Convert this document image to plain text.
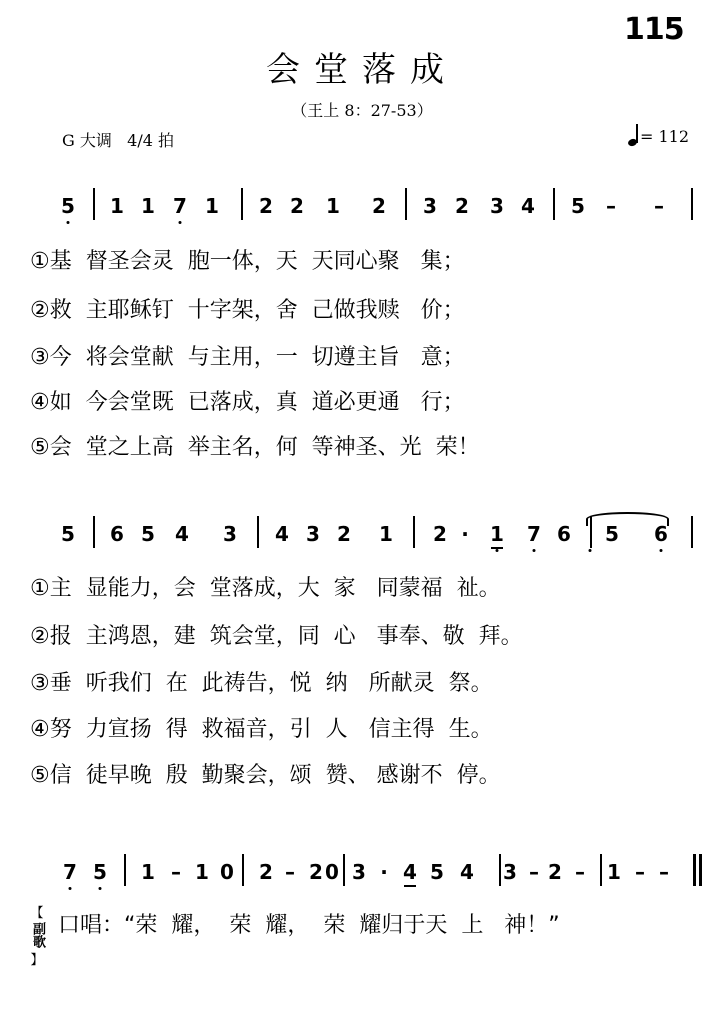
115
会堂落成
（王上 8：27-53）
G 大调 4/4 拍	= 112
5 1 1 7 1 2 2 1 2 3 2 3 4 5 – –
①基  督圣会灵  胞一体，天  天同心聚   集；
②救  主耶稣钉  十字架，舍  己做我赎   价；
③今  将会堂献  与主用，一  切遵主旨   意；
④如  今会堂既  已落成，真  道必更通   行；
⑤会  堂之上高  举主名，何  等神圣、光  荣！
5 6 5 4 3 4 3 2 1 2 · 1 7 6 5 6
①主  显能力，会  堂落成，大  家   同蒙福  祉。
②报  主鸿恩，建  筑会堂，同  心   事奉、敬  拜。
③垂  听我们  在  此祷告，悦  纳   所献灵  祭。
④努  力宣扬  得  救福音，引  人   信主得  生。
⑤信  徒早晚  殷  勤聚会，颂  赞、 感谢不  停。
7 5 1 – 1 0 2 – 2 0 3 · 4 5 4 3 – 2 – 1 – –
【
副歌
】
口唱：“荣  耀，  荣  耀，  荣  耀归于天  上   神！”
